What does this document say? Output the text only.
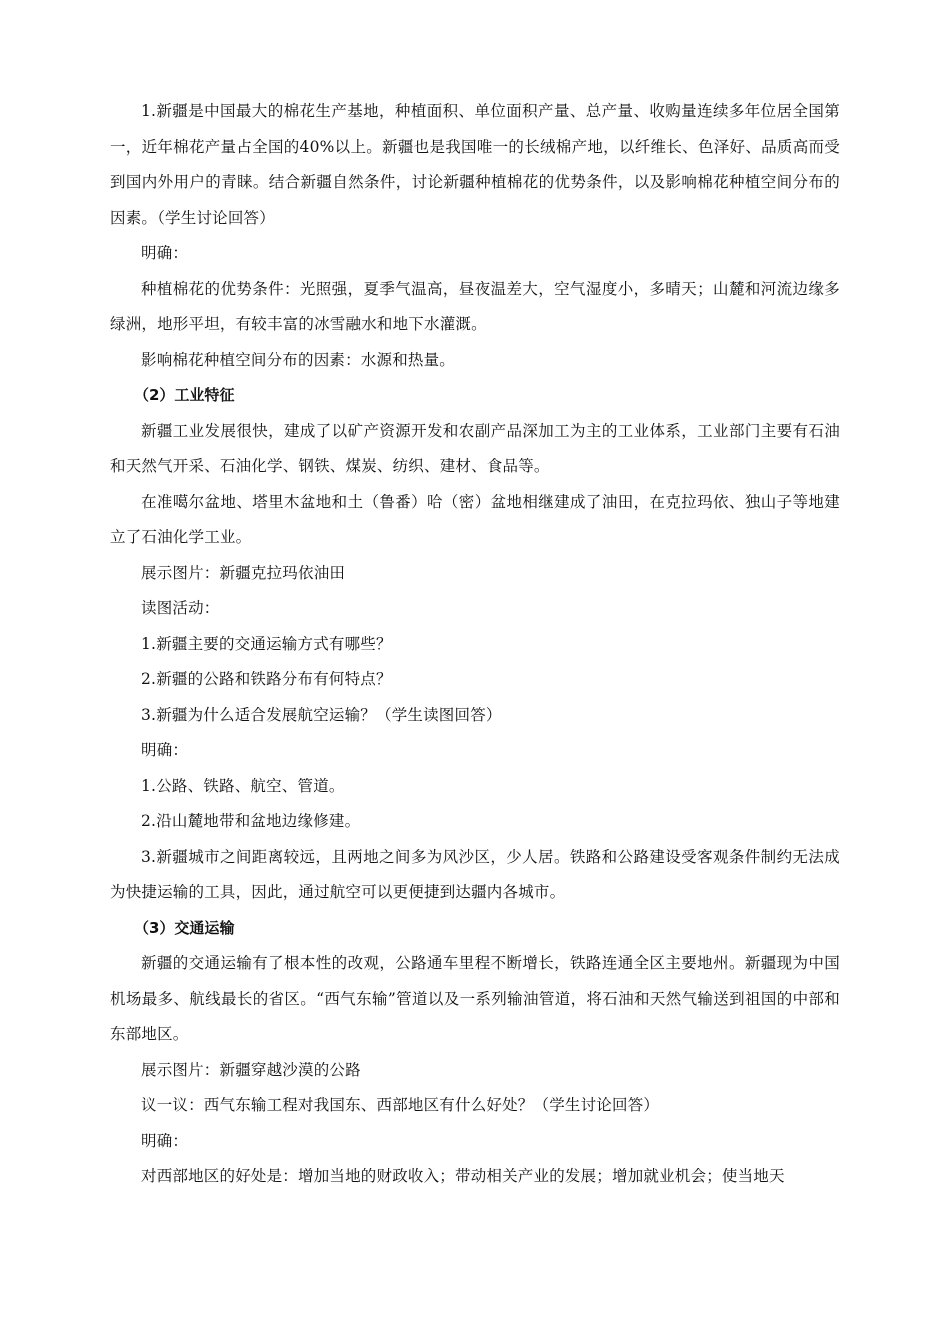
1.新疆是中国最大的棉花生产基地，种植面积、单位面积产量、总产量、收购量连续多年位居全国第一，近年棉花产量占全国的40%以上。新疆也是我国唯一的长绒棉产地，以纤维长、色泽好、品质高而受到国内外用户的青睐。结合新疆自然条件，讨论新疆种植棉花的优势条件，以及影响棉花种植空间分布的因素。（学生讨论回答）

明确：

种植棉花的优势条件：光照强，夏季气温高，昼夜温差大，空气湿度小，多晴天；山麓和河流边缘多绿洲，地形平坦，有较丰富的冰雪融水和地下水灌溉。

影响棉花种植空间分布的因素：水源和热量。

（2）工业特征

新疆工业发展很快，建成了以矿产资源开发和农副产品深加工为主的工业体系，工业部门主要有石油和天然气开采、石油化学、钢铁、煤炭、纺织、建材、食品等。

在准噶尔盆地、塔里木盆地和土（鲁番）哈（密）盆地相继建成了油田，在克拉玛依、独山子等地建立了石油化学工业。

展示图片：新疆克拉玛依油田

读图活动：

1.新疆主要的交通运输方式有哪些？

2.新疆的公路和铁路分布有何特点？

3.新疆为什么适合发展航空运输？（学生读图回答）

明确：

1.公路、铁路、航空、管道。

2.沿山麓地带和盆地边缘修建。

3.新疆城市之间距离较远，且两地之间多为风沙区，少人居。铁路和公路建设受客观条件制约无法成为快捷运输的工具，因此，通过航空可以更便捷到达疆内各城市。

（3）交通运输

新疆的交通运输有了根本性的改观，公路通车里程不断增长，铁路连通全区主要地州。新疆现为中国机场最多、航线最长的省区。“西气东输”管道以及一系列输油管道，将石油和天然气输送到祖国的中部和东部地区。

展示图片：新疆穿越沙漠的公路

议一议：西气东输工程对我国东、西部地区有什么好处？（学生讨论回答）

明确：

对西部地区的好处是：增加当地的财政收入；带动相关产业的发展；增加就业机会；使当地天
